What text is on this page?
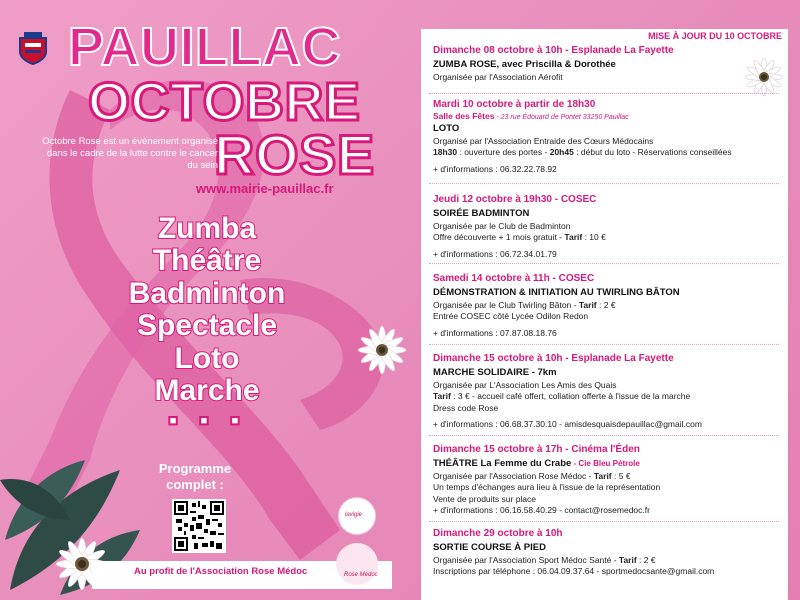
PAUILLAC
OCTOBRE
ROSE
Octobre Rose est un évènement organisé dans le cadre de la lutte contre le cancer du sein
www.mairie-pauillac.fr
Zumba
Théâtre
Badminton
Spectacle
Loto
Marche
▪ ▪ ▪
Programme
complet :
Au profit de l'Association Rose Médoc
lavigie
Rose Médoc
MISE À JOUR DU 10 OCTOBRE
Dimanche 08 octobre à 10h - Esplanade La Fayette
ZUMBA ROSE, avec Priscilla & Dorothée
Organisée par l'Association Aérofit
Mardi 10 octobre à partir de 18h30
Salle des Fêtes - 23 rue Édouard de Pontet 33250 Pauillac
LOTO
Organisé par l'Association Entraide des Cœurs Médocains
18h30 : ouverture des portes - 20h45 : début du loto - Réservations conseillées
+ d'informations : 06.32.22.78.92
Jeudi 12 octobre à 19h30 - COSEC
SOIRÉE BADMINTON
Organisée par le Club de Badminton
Offre découverte + 1 mois gratuit - Tarif : 10 €
+ d'informations : 06.72.34.01.79
Samedi 14 octobre à 11h - COSEC
DÉMONSTRATION & INITIATION AU TWIRLING BÂTON
Organisée par le Club Twirling Bâton - Tarif : 2 €
Entrée COSEC côté Lycée Odilon Redon
+ d'informations : 07.87.08.18.76
Dimanche 15 octobre à 10h - Esplanade La Fayette
MARCHE SOLIDAIRE - 7km
Organisée par L'Association Les Amis des Quais
Tarif : 3 € - accueil café offert, collation offerte à l'issue de la marche
Dress code Rose
+ d'informations : 06.68.37.30.10 - amisdesquaisdepauillac@gmail.com
Dimanche 15 octobre à 17h - Cinéma l'Éden
THÉÂTRE La Femme du Crabe - Cie Bleu Pétrole
Organisée par l'Association Rose Médoc - Tarif : 5 €
Un temps d'échanges aura lieu à l'issue de la représentation
Vente de produits sur place
+ d'informations : 06.16.58.40.29 - contact@rosemedoc.fr
Dimanche 29 octobre à 10h
SORTIE COURSE À PIED
Organisée par l'Association Sport Médoc Santé - Tarif : 2 €
Inscriptions par téléphone : 06.04.09.37.64 - sportmedocsante@gmail.com
